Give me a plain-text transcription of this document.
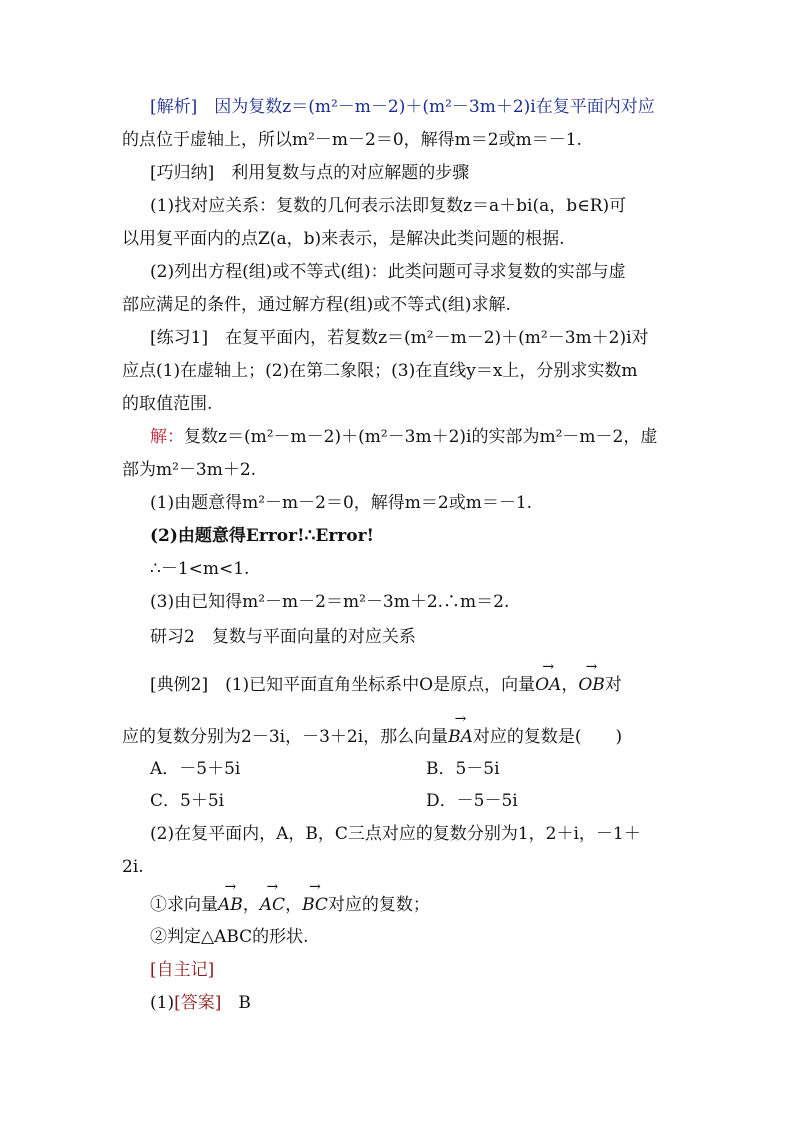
[解析]　因为复数z＝(m²－m－2)＋(m²－3m＋2)i在复平面内对应
的点位于虚轴上，所以m²－m－2＝0，解得m＝2或m＝－1.
[巧归纳]　利用复数与点的对应解题的步骤
(1)找对应关系：复数的几何表示法即复数z＝a＋bi(a，b∈R)可
以用复平面内的点Z(a，b)来表示，是解决此类问题的根据.
(2)列出方程(组)或不等式(组)：此类问题可寻求复数的实部与虚
部应满足的条件，通过解方程(组)或不等式(组)求解.
[练习1]　在复平面内，若复数z＝(m²－m－2)＋(m²－3m＋2)i对
应点(1)在虚轴上；(2)在第二象限；(3)在直线y＝x上，分别求实数m
的取值范围.
解：复数z＝(m²－m－2)＋(m²－3m＋2)i的实部为m²－m－2，虚
部为m²－3m＋2.
(1)由题意得m²－m－2＝0，解得m＝2或m＝－1.
(2)由题意得Error!∴Error!
∴－1<m<1.
(3)由已知得m²－m－2＝m²－3m＋2.∴m＝2.
研习2　复数与平面向量的对应关系
[典例2]　(1)已知平面直角坐标系中O是原点，向量→ OA，→ OB对
应的复数分别为2－3i，－3＋2i，那么向量→ BA对应的复数是(　　)
A．－5＋5i	B．5－5i
C．5＋5i	D．－5－5i
(2)在复平面内，A，B，C三点对应的复数分别为1，2＋i，－1＋
2i.
①求向量→ AB，→ AC，→ BC对应的复数；
②判定△ABC的形状.
[自主记]
(1)[答案]　B
